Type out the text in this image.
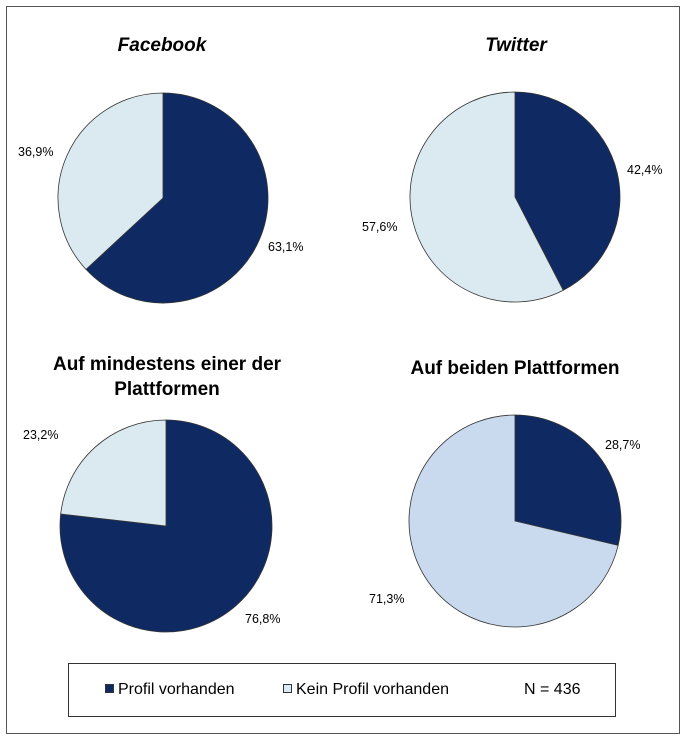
Facebook
63,1%
36,9%
Twitter
42,4%
57,6%
Auf mindestens einer der
Plattformen
76,8%
23,2%
Auf beiden Plattformen
28,7%
71,3%
Profil vorhanden	Kein Profil vorhanden	N = 436
